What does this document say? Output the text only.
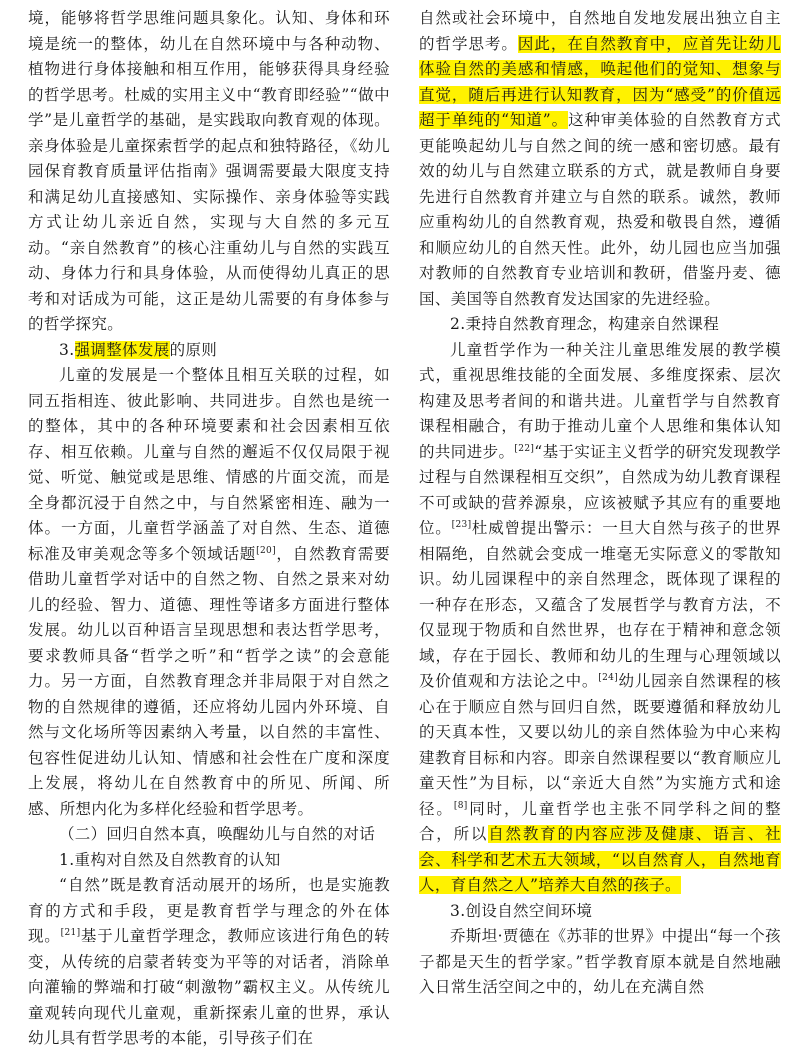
境，能够将哲学思维问题具象化。认知、身体和环境是统一的整体，幼儿在自然环境中与各种动物、植物进行身体接触和相互作用，能够获得具身经验的哲学思考。杜威的实用主义中“教育即经验”“做中学”是儿童哲学的基础，是实践取向教育观的体现。亲身体验是儿童探索哲学的起点和独特路径，《幼儿园保育教育质量评估指南》强调需要最大限度支持和满足幼儿直接感知、实际操作、亲身体验等实践方式让幼儿亲近自然，实现与大自然的多元互动。“亲自然教育”的核心注重幼儿与自然的实践互动、身体力行和具身体验，从而使得幼儿真正的思考和对话成为可能，这正是幼儿需要的有身体参与的哲学探究。

3.强调整体发展的原则

儿童的发展是一个整体且相互关联的过程，如同五指相连、彼此影响、共同进步。自然也是统一的整体，其中的各种环境要素和社会因素相互依存、相互依赖。儿童与自然的邂逅不仅仅局限于视觉、听觉、触觉或是思维、情感的片面交流，而是全身都沉浸于自然之中，与自然紧密相连、融为一体。一方面，儿童哲学涵盖了对自然、生态、道德标准及审美观念等多个领域话题[20]，自然教育需要借助儿童哲学对话中的自然之物、自然之景来对幼儿的经验、智力、道德、理性等诸多方面进行整体发展。幼儿以百种语言呈现思想和表达哲学思考，要求教师具备“哲学之听”和“哲学之读”的会意能力。另一方面，自然教育理念并非局限于对自然之物的自然规律的遵循，还应将幼儿园内外环境、自然与文化场所等因素纳入考量，以自然的丰富性、包容性促进幼儿认知、情感和社会性在广度和深度上发展，将幼儿在自然教育中的所见、所闻、所感、所想内化为多样化经验和哲学思考。

（二）回归自然本真，唤醒幼儿与自然的对话

1.重构对自然及自然教育的认知

“自然”既是教育活动展开的场所，也是实施教育的方式和手段，更是教育哲学与理念的外在体现。[21]基于儿童哲学理念，教师应该进行角色的转变，从传统的启蒙者转变为平等的对话者，消除单向灌输的弊端和打破“刺激物”霸权主义。从传统儿童观转向现代儿童观，重新探索儿童的世界，承认幼儿具有哲学思考的本能，引导孩子们在

自然或社会环境中，自然地自发地发展出独立自主的哲学思考。因此，在自然教育中，应首先让幼儿体验自然的美感和情感，唤起他们的觉知、想象与直觉，随后再进行认知教育，因为“感受”的价值远超于单纯的“知道”。这种审美体验的自然教育方式更能唤起幼儿与自然之间的统一感和密切感。最有效的幼儿与自然建立联系的方式，就是教师自身要先进行自然教育并建立与自然的联系。诚然，教师应重构幼儿的自然教育观，热爱和敬畏自然，遵循和顺应幼儿的自然天性。此外，幼儿园也应当加强对教师的自然教育专业培训和教研，借鉴丹麦、德国、美国等自然教育发达国家的先进经验。

2.秉持自然教育理念，构建亲自然课程

儿童哲学作为一种关注儿童思维发展的教学模式，重视思维技能的全面发展、多维度探索、层次构建及思考者间的和谐共进。儿童哲学与自然教育课程相融合，有助于推动儿童个人思维和集体认知的共同进步。[22]“基于实证主义哲学的研究发现教学过程与自然课程相互交织”，自然成为幼儿教育课程不可或缺的营养源泉，应该被赋予其应有的重要地位。[23]杜威曾提出警示：一旦大自然与孩子的世界相隔绝，自然就会变成一堆毫无实际意义的零散知识。幼儿园课程中的亲自然理念，既体现了课程的一种存在形态，又蕴含了发展哲学与教育方法，不仅显现于物质和自然世界，也存在于精神和意念领域，存在于园长、教师和幼儿的生理与心理领域以及价值观和方法论之中。[24]幼儿园亲自然课程的核心在于顺应自然与回归自然，既要遵循和释放幼儿的天真本性，又要以幼儿的亲自然体验为中心来构建教育目标和内容。即亲自然课程要以“教育顺应儿童天性”为目标，以“亲近大自然”为实施方式和途径。[8]同时，儿童哲学也主张不同学科之间的整合，所以自然教育的内容应涉及健康、语言、社会、科学和艺术五大领域，“以自然育人，自然地育人，育自然之人”培养大自然的孩子。

3.创设自然空间环境

乔斯坦·贾德在《苏菲的世界》中提出“每一个孩子都是天生的哲学家。”哲学教育原本就是自然地融入日常生活空间之中的，幼儿在充满自然
